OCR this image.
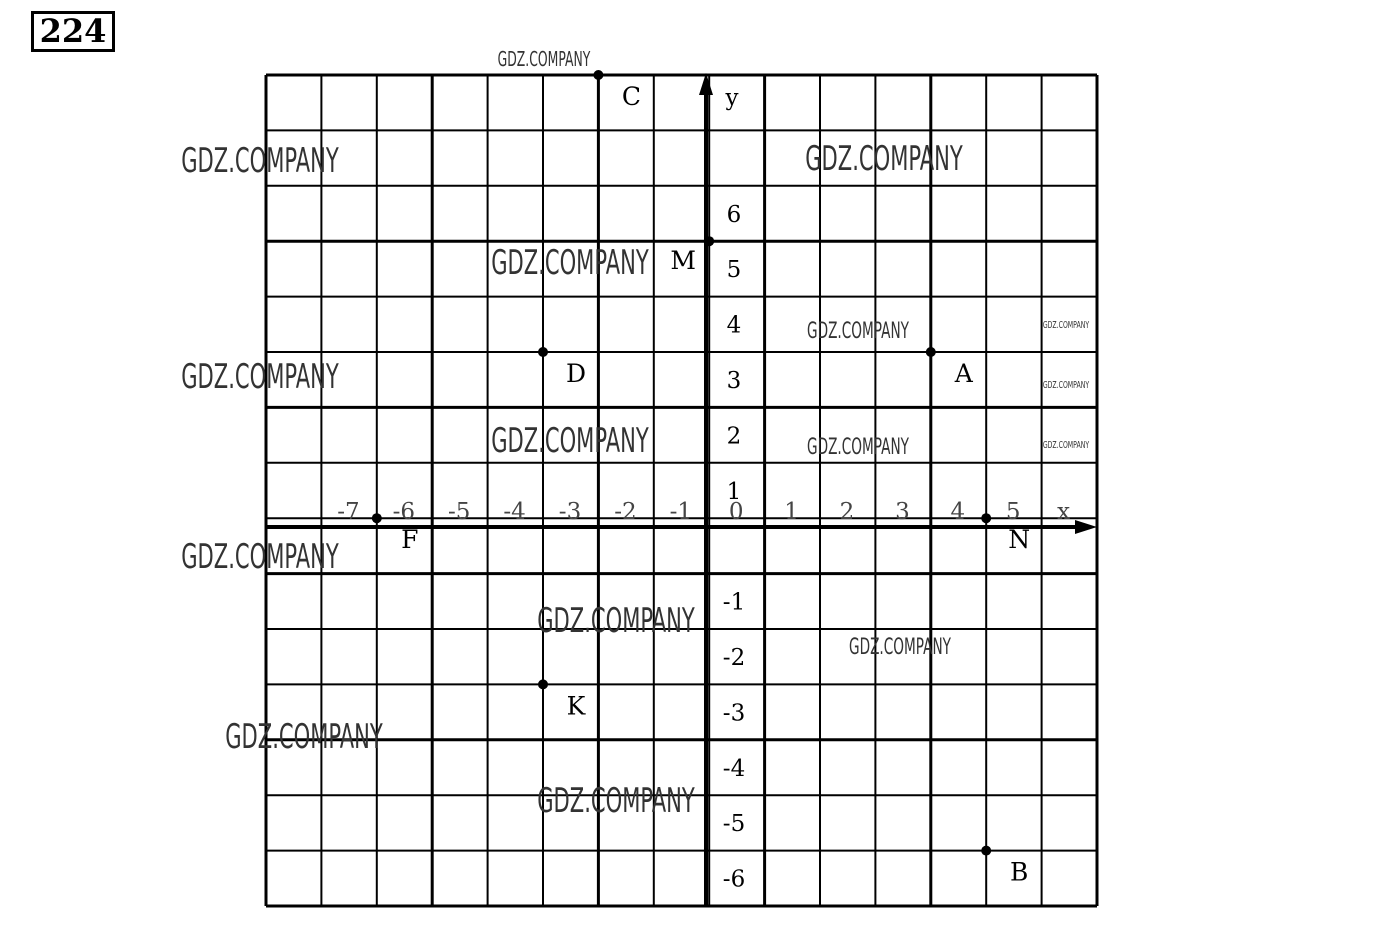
224
-7 -6 -5 -4 -3 -2 -1 0 1 2 3 4 5 x
6
5
4
3
2
1
-1
-2
-3
-4
-5
-6
y
C
M
D	A
F	N
K
B
GDZ.COMPANY
GDZ.COMPANY	GDZ.COMPANY
GDZ.COMPANY
GDZ.COMPANY	GDZ.COMPANY
GDZ.COMPANY	GDZ.COMPANY
GDZ.COMPANY	GDZ.COMPANY	GDZ.COMPANY
GDZ.COMPANY
GDZ.COMPANY
GDZ.COMPANY
GDZ.COMPANY
GDZ.COMPANY
